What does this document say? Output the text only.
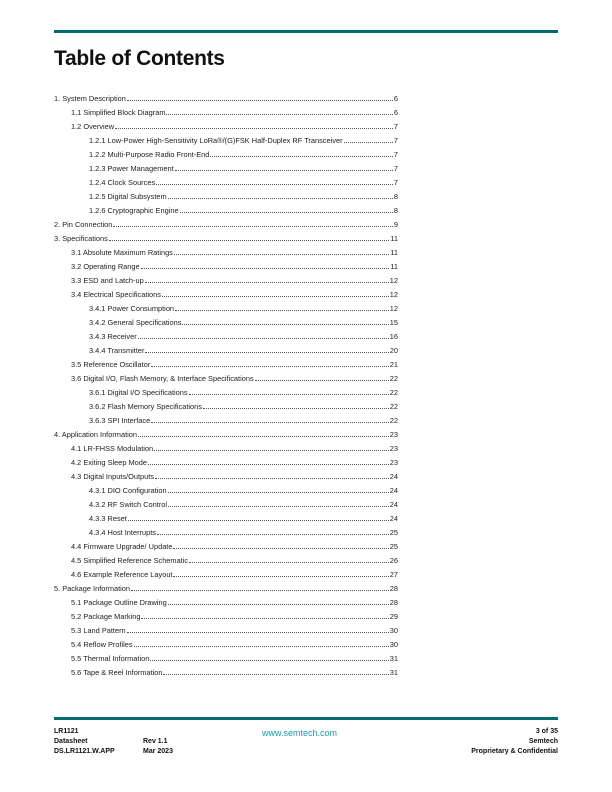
Table of Contents
1. System Description	6
1.1 Simplified Block Diagram	6
1.2 Overview	7
1.2.1 Low-Power High-Sensitivity LoRa®/(G)FSK Half-Duplex RF Transceiver	7
1.2.2 Multi-Purpose Radio Front-End	7
1.2.3 Power Management	7
1.2.4 Clock Sources	7
1.2.5 Digital Subsystem	8
1.2.6 Cryptographic Engine	8
2. Pin Connection	9
3. Specifications	11
3.1 Absolute Maximum Ratings	11
3.2 Operating Range	11
3.3 ESD and Latch-up	12
3.4 Electrical Specifications	12
3.4.1 Power Consumption	12
3.4.2 General Specifications	15
3.4.3 Receiver	16
3.4.4 Transmitter	20
3.5 Reference Oscillator	21
3.6 Digital I/O, Flash Memory, & Interface Specifications	22
3.6.1 Digital I/O Specifications	22
3.6.2 Flash Memory Specifications	22
3.6.3 SPI Interface	22
4. Application Information	23
4.1 LR-FHSS Modulation	23
4.2 Exiting Sleep Mode	23
4.3 Digital Inputs/Outputs	24
4.3.1 DIO Configuration	24
4.3.2 RF Switch Control	24
4.3.3 Reset	24
4.3.4 Host Interrupts	25
4.4 Firmware Upgrade/ Update	25
4.5 Simplified Reference Schematic	26
4.6 Example Reference Layout	27
5. Package Information	28
5.1 Package Outline Drawing	28
5.2 Package Marking	29
5.3 Land Pattern	30
5.4 Reflow Profiles	30
5.5 Thermal Information	31
5.6 Tape & Reel Information	31
LR1121
Datasheet
DS.LR1121.W.APP
Rev 1.1
Mar 2023
www.semtech.com	3 of 35
Semtech
Proprietary & Confidential
